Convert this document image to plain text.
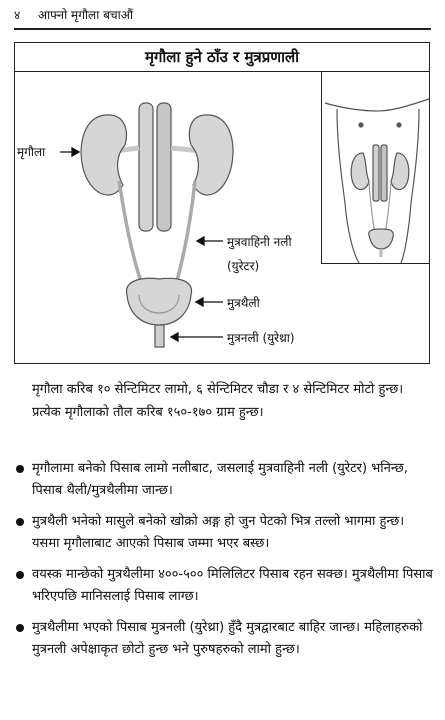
४ आफ्नो मृगौला बचाऔं
मृगौला हुने ठाँउ र मुत्रप्रणाली
मृगौला
मुत्रवाहिनी नली
(युरेटर)
मुत्रथैली
मुत्रनली (युरेथ्रा)

मृगौला करिब १० सेन्टिमिटर लामो, ६ सेन्टिमिटर चौडा र ४ सेन्टिमिटर मोटो हुन्छ। प्रत्येक मृगौलाको तौल करिब १५०-१७० ग्राम हुन्छ।

मृगौलामा बनेको पिसाब लामो नलीबाट, जसलाई मुत्रवाहिनी नली (युरेटर) भनिन्छ, पिसाब थैली/मुत्रथैलीमा जान्छ।
मुत्रथैली भनेको मासुले बनेको खोक्रो अङ्ग हो जुन पेटको भित्र तल्लो भागमा हुन्छ। यसमा मृगौलाबाट आएको पिसाब जम्मा भएर बस्छ।
वयस्क मान्छेको मुत्रथैलीमा ४००-५०० मिलिलिटर पिसाब रहन सक्छ। मुत्रथैलीमा पिसाब भरिएपछि मानिसलाई पिसाब लाग्छ।
मुत्रथैलीमा भएको पिसाब मुत्रनली (युरेथ्रा) हुँदै मुत्रद्वारबाट बाहिर जान्छ। महिलाहरुको मुत्रनली अपेक्षाकृत छोटो हुन्छ भने पुरुषहरुको लामो हुन्छ।
